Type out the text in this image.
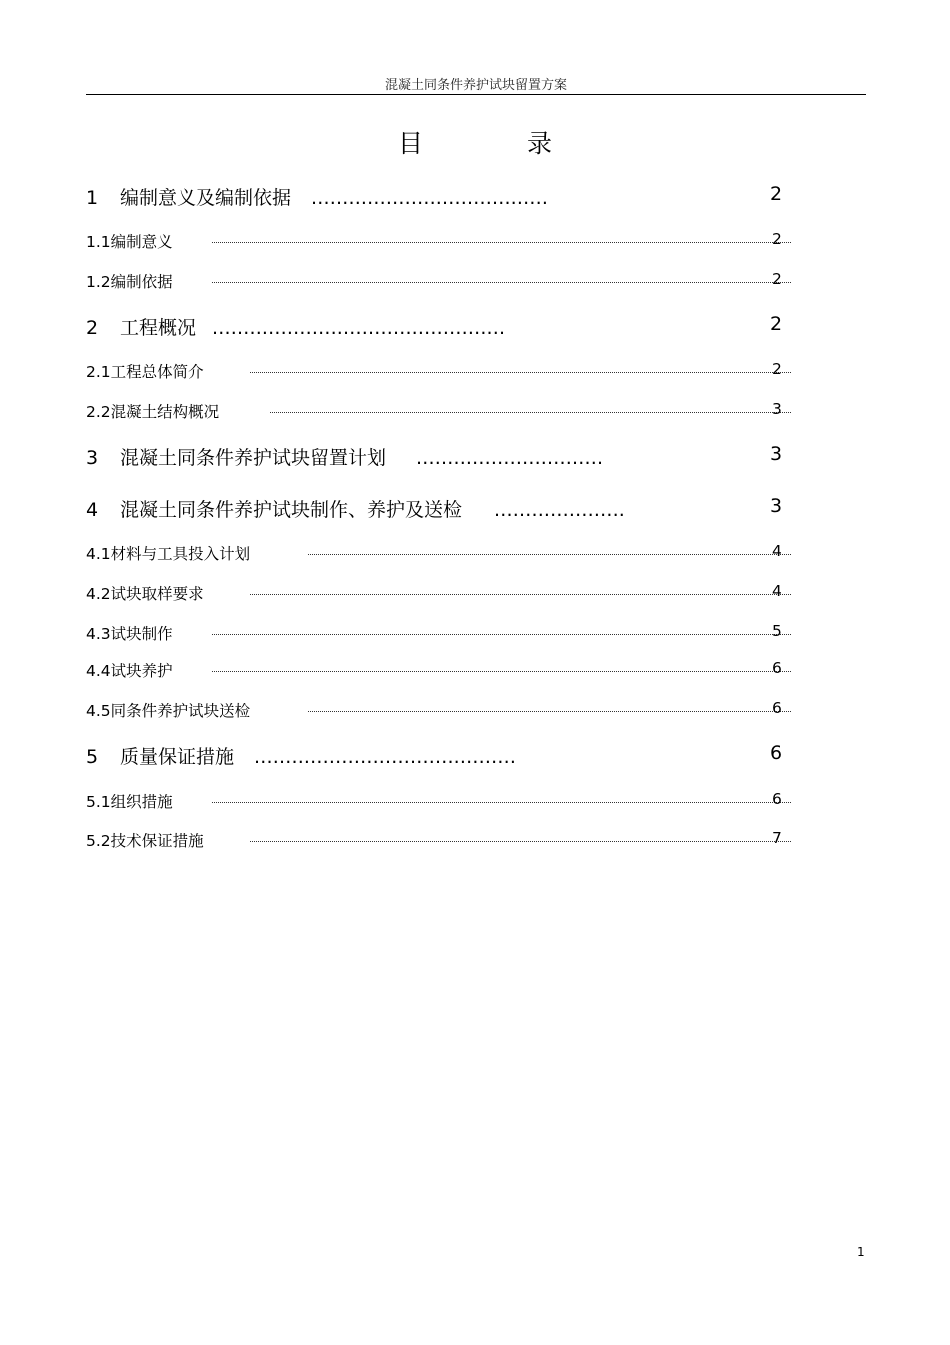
混凝土同条件养护试块留置方案
目	录
1 编制意义及编制依据 ......................................	2
1.1编制意义	2
1.2编制依据	2
2 工程概况 ...............................................	2
2.1工程总体简介	2
2.2混凝土结构概况	3
3 混凝土同条件养护试块留置计划 ..............................	3
4 混凝土同条件养护试块制作、养护及送检 .....................	3
4.1材料与工具投入计划	4
4.2试块取样要求	4
4.3试块制作	5
4.4试块养护	6
4.5同条件养护试块送检	6
5 质量保证措施 ..........................................	6
5.1组织措施	6
5.2技术保证措施	7
1
